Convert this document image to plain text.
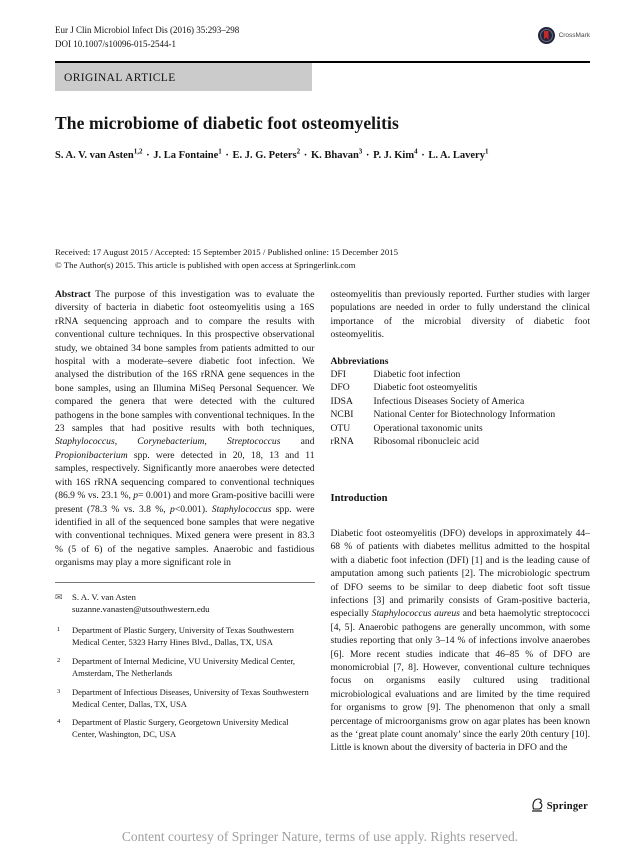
Eur J Clin Microbiol Infect Dis (2016) 35:293–298
DOI 10.1007/s10096-015-2544-1
CrossMark
ORIGINAL ARTICLE
The microbiome of diabetic foot osteomyelitis
S. A. V. van Asten$^{1,2}$ · J. La Fontaine$^1$ · E. J. G. Peters$^2$ · K. Bhavan$^3$ · P. J. Kim$^4$ · L. A. Lavery$^1$
Received: 17 August 2015 / Accepted: 15 September 2015 / Published online: 15 December 2015
© The Author(s) 2015. This article is published with open access at Springerlink.com

Abstract The purpose of this investigation was to evaluate the diversity of bacteria in diabetic foot osteomyelitis using a 16S rRNA sequencing approach and to compare the results with conventional culture techniques. In this prospective observational study, we obtained 34 bone samples from patients admitted to our hospital with a moderate–severe diabetic foot infection. We analysed the distribution of the 16S rRNA gene sequences in the bone samples, using an Illumina MiSeq Personal Sequencer. We compared the genera that were detected with the cultured pathogens in the bone samples with conventional techniques. In the 23 samples that had positive results with both techniques, Staphylococcus, Corynebacterium, Streptococcus and Propionibacterium spp. were detected in 20, 18, 13 and 11 samples, respectively. Significantly more anaerobes were detected with 16S rRNA sequencing compared to conventional techniques (86.9 % vs. 23.1 %, p= 0.001) and more Gram-positive bacilli were present (78.3 % vs. 3.8 %, p<0.001). Staphylococcus spp. were identified in all of the sequenced bone samples that were negative with conventional techniques. Mixed genera were present in 83.3 % (5 of 6) of the negative samples. Anaerobic and fastidious organisms may play a more significant role in

✉ S. A. V. van Asten
suzanne.vanasten@utsouthwestern.edu
1 Department of Plastic Surgery, University of Texas Southwestern Medical Center, 5323 Harry Hines Blvd., Dallas, TX, USA
2 Department of Internal Medicine, VU University Medical Center, Amsterdam, The Netherlands
3 Department of Infectious Diseases, University of Texas Southwestern Medical Center, Dallas, TX, USA
4 Department of Plastic Surgery, Georgetown University Medical Center, Washington, DC, USA

osteomyelitis than previously reported. Further studies with larger populations are needed in order to fully understand the clinical importance of the microbial diversity of diabetic foot osteomyelitis.

Abbreviations
DFI	Diabetic foot infection
DFO	Diabetic foot osteomyelitis
IDSA	Infectious Diseases Society of America
NCBI	National Center for Biotechnology Information
OTU	Operational taxonomic units
rRNA	Ribosomal ribonucleic acid
Introduction

Diabetic foot osteomyelitis (DFO) develops in approximately 44–68 % of patients with diabetes mellitus admitted to the hospital with a diabetic foot infection (DFI) [1] and is the leading cause of amputation among such patients [2]. The microbiologic spectrum of DFO seems to be similar to deep diabetic foot soft tissue infections [3] and primarily consists of Gram-positive bacteria, especially Staphylococcus aureus and beta haemolytic streptococci [4, 5]. Anaerobic pathogens are generally uncommon, with some studies reporting that only 3–14 % of infections involve anaerobes [6]. More recent studies indicate that 46–85 % of DFO are monomicrobial [7, 8]. However, conventional culture techniques focus on organisms easily cultured using traditional microbiological evaluations and are limited by the time required for organisms to grow [9]. The phenomenon that only a small percentage of microorganisms grow on agar plates has been known as the ‘great plate count anomaly’ since the early 20th century [10]. Little is known about the diversity of bacteria in DFO and the

Springer
Content courtesy of Springer Nature, terms of use apply. Rights reserved.
